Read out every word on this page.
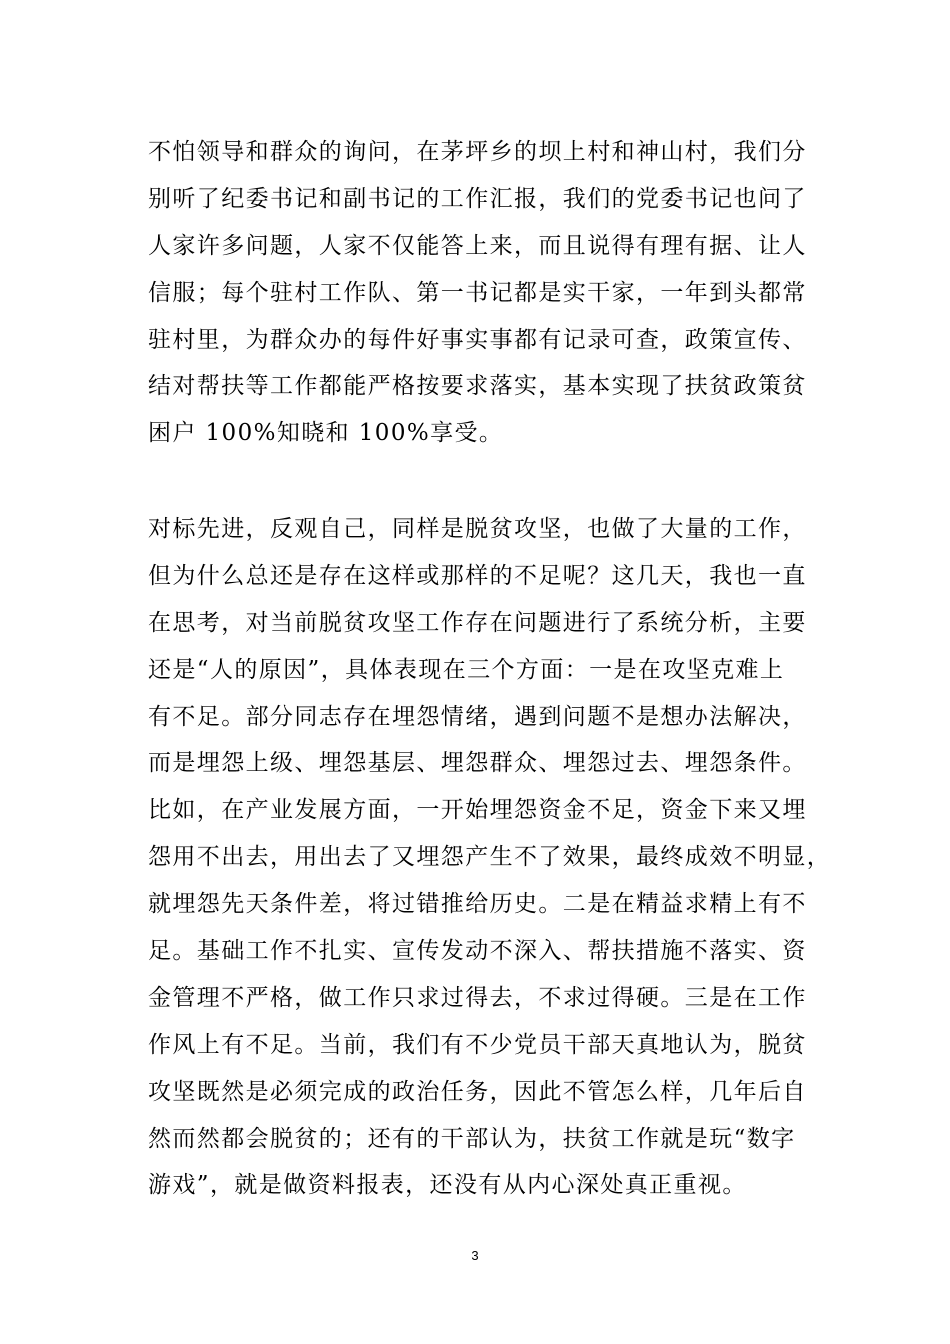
不怕领导和群众的询问，在茅坪乡的坝上村和神山村，我们分
别听了纪委书记和副书记的工作汇报，我们的党委书记也问了
人家许多问题，人家不仅能答上来，而且说得有理有据、让人
信服；每个驻村工作队、第一书记都是实干家，一年到头都常
驻村里，为群众办的每件好事实事都有记录可查，政策宣传、
结对帮扶等工作都能严格按要求落实，基本实现了扶贫政策贫
困户 100%知晓和 100%享受。
对标先进，反观自己，同样是脱贫攻坚，也做了大量的工作，
但为什么总还是存在这样或那样的不足呢？这几天，我也一直
在思考，对当前脱贫攻坚工作存在问题进行了系统分析，主要
还是“人的原因”，具体表现在三个方面：一是在攻坚克难上
有不足。部分同志存在埋怨情绪，遇到问题不是想办法解决，
而是埋怨上级、埋怨基层、埋怨群众、埋怨过去、埋怨条件。
比如，在产业发展方面，一开始埋怨资金不足，资金下来又埋
怨用不出去，用出去了又埋怨产生不了效果，最终成效不明显，
就埋怨先天条件差，将过错推给历史。二是在精益求精上有不
足。基础工作不扎实、宣传发动不深入、帮扶措施不落实、资
金管理不严格，做工作只求过得去，不求过得硬。三是在工作
作风上有不足。当前，我们有不少党员干部天真地认为，脱贫
攻坚既然是必须完成的政治任务，因此不管怎么样，几年后自
然而然都会脱贫的；还有的干部认为，扶贫工作就是玩“数字
游戏”，就是做资料报表，还没有从内心深处真正重视。
3
